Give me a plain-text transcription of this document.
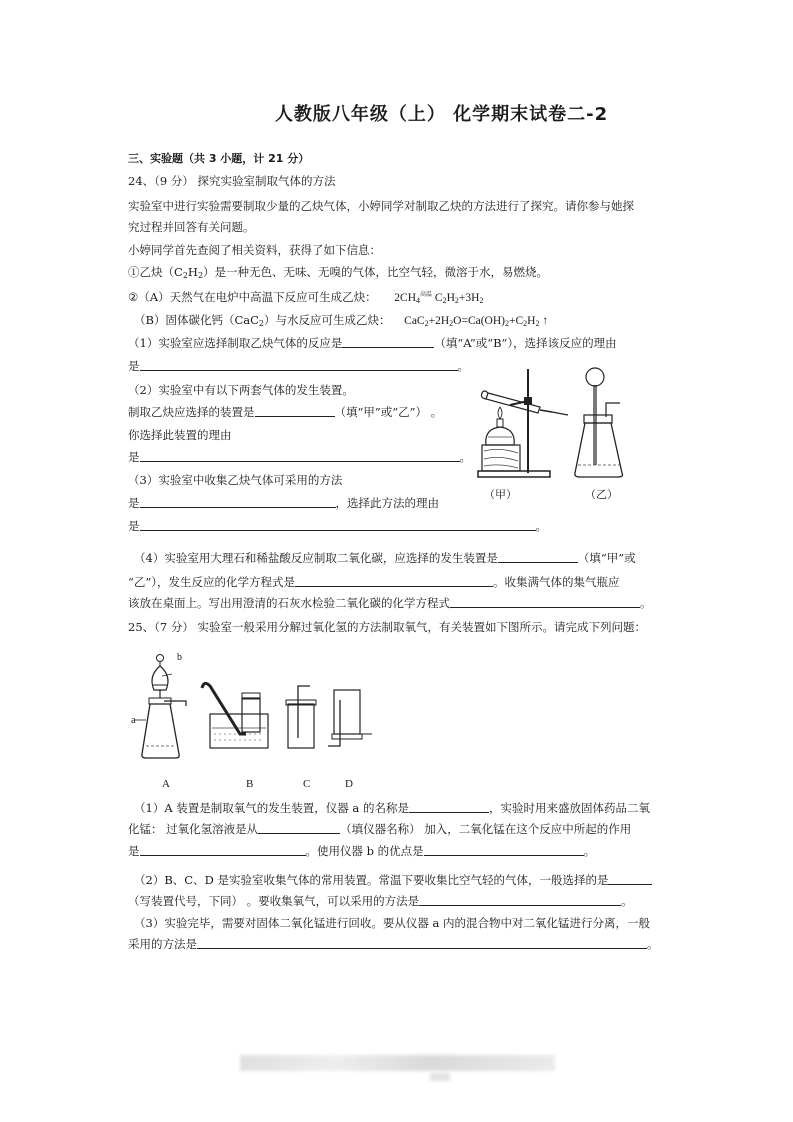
人教版八年级（上） 化学期末试卷二-2
三、实验题（共 3 小题，计 21 分）
24、（9 分） 探究实验室制取气体的方法
实验室中进行实验需要制取少量的乙炔气体，小婷同学对制取乙炔的方法进行了探究。请你参与她探
究过程并回答有关问题。
小婷同学首先查阅了相关资料，获得了如下信息：
①乙炔$(C_2H_2)$是一种无色、无味、无嗅的气体，比空气轻，微溶于水，易燃烧。
②（A）天然气在电炉中高温下反应可生成乙炔： $2CH_4^{高温}$ $C_2H_2+3H_2$
（B）固体碳化钙（CaC$_2$）与水反应可生成乙炔： $CaC_2+2H_2O=Ca(OH)_2+C_2H_2$ ↑
（1）实验室应选择制取乙炔气体的反应是	（填“A”或“B”），选择该反应的理由
是	。
（2）实验室中有以下两套气体的发生装置。
制取乙炔应选择的装置是	（填“甲”或“乙”） 。
你选择此装置的理由
是	。
（3）实验室中收集乙炔气体可采用的方法
是	，选择此方法的理由
是	。
（甲）	（乙）
（4）实验室用大理石和稀盐酸反应制取二氧化碳，应选择的发生装置是	（填“甲”或
“乙”），发生反应的化学方程式是	。收集满气体的集气瓶应
该放在桌面上。写出用澄清的石灰水检验二氧化碳的化学方程式	。
25、（7 分） 实验室一般采用分解过氧化氢的方法制取氧气，有关装置如下图所示。请完成下列问题：
a
b
A	B	C	D
（1）A 装置是制取氧气的发生装置，仪器 a 的名称是	，实验时用来盛放固体药品二氧
化锰： 过氧化氢溶液是从	（填仪器名称） 加入，二氧化锰在这个反应中所起的作用
是	。使用仪器 b 的优点是	。
（2）B、C、D 是实验室收集气体的常用装置。常温下要收集比空气轻的气体，一般选择的是
（写装置代号，下同） 。要收集氧气，可以采用的方法是	。
（3）实验完毕，需要对固体二氧化锰进行回收。要从仪器 a 内的混合物中对二氧化锰进行分离，一般
采用的方法是	。
